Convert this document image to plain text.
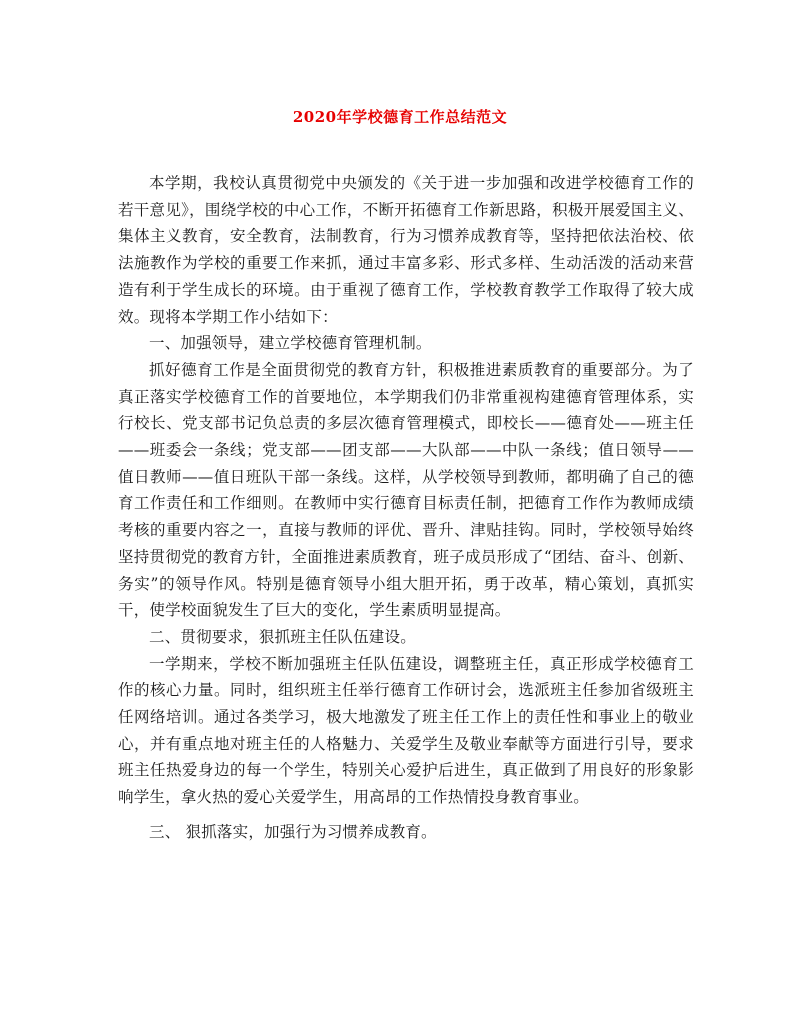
2020年学校德育工作总结范文

本学期，我校认真贯彻党中央颁发的《关于进一步加强和改进学校德育工作的若干意见》，围绕学校的中心工作，不断开拓德育工作新思路，积极开展爱国主义、集体主义教育，安全教育，法制教育，行为习惯养成教育等，坚持把依法治校、依法施教作为学校的重要工作来抓，通过丰富多彩、形式多样、生动活泼的活动来营造有利于学生成长的环境。由于重视了德育工作，学校教育教学工作取得了较大成效。现将本学期工作小结如下：

一、加强领导，建立学校德育管理机制。

抓好德育工作是全面贯彻党的教育方针，积极推进素质教育的重要部分。为了真正落实学校德育工作的首要地位，本学期我们仍非常重视构建德育管理体系，实行校长、党支部书记负总责的多层次德育管理模式，即校长——德育处——班主任——班委会一条线；党支部——团支部——大队部——中队一条线；值日领导——值日教师——值日班队干部一条线。这样，从学校领导到教师，都明确了自己的德育工作责任和工作细则。在教师中实行德育目标责任制，把德育工作作为教师成绩考核的重要内容之一，直接与教师的评优、晋升、津贴挂钩。同时，学校领导始终坚持贯彻党的教育方针，全面推进素质教育，班子成员形成了“团结、奋斗、创新、务实”的领导作风。特别是德育领导小组大胆开拓，勇于改革，精心策划，真抓实干，使学校面貌发生了巨大的变化，学生素质明显提高。

二、贯彻要求，狠抓班主任队伍建设。

一学期来，学校不断加强班主任队伍建设，调整班主任，真正形成学校德育工作的核心力量。同时，组织班主任举行德育工作研讨会，选派班主任参加省级班主任网络培训。通过各类学习，极大地激发了班主任工作上的责任性和事业上的敬业心，并有重点地对班主任的人格魅力、关爱学生及敬业奉献等方面进行引导，要求班主任热爱身边的每一个学生，特别关心爱护后进生，真正做到了用良好的形象影响学生，拿火热的爱心关爱学生，用高昂的工作热情投身教育事业。

三、 狠抓落实，加强行为习惯养成教育。
